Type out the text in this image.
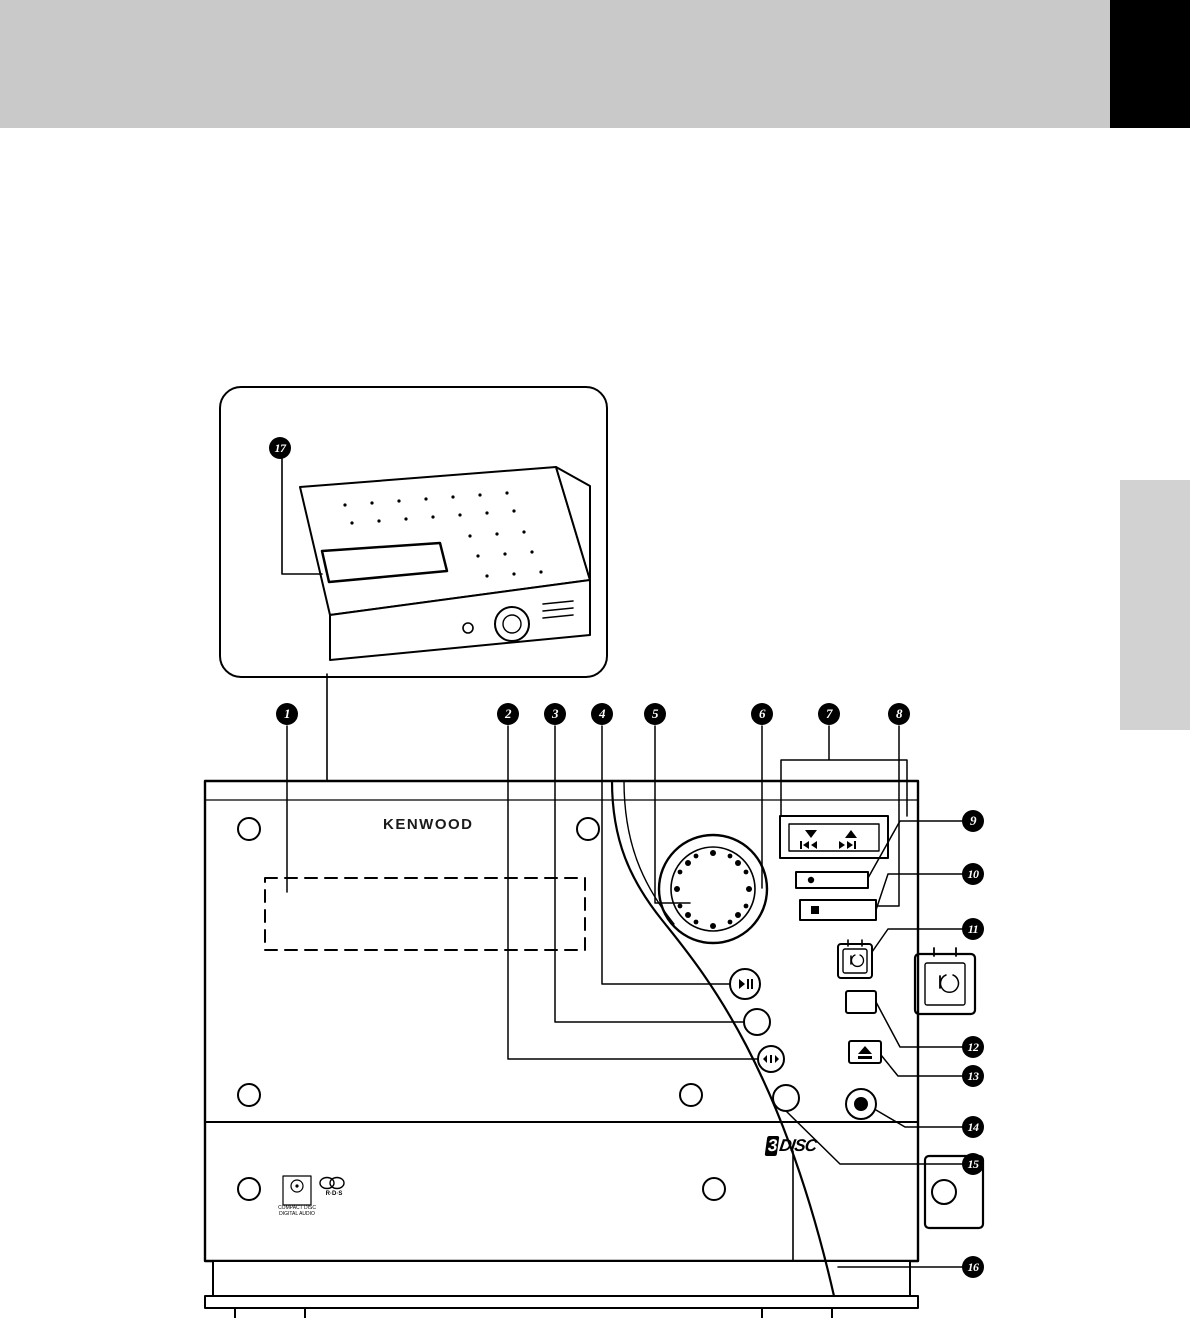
KENWOOD
3DISC
COMPACT DISC DIGITAL AUDIO
R·D·S
1	2	3	4	5	6	7	8
9
10
11
12
13
14
15
16
17
